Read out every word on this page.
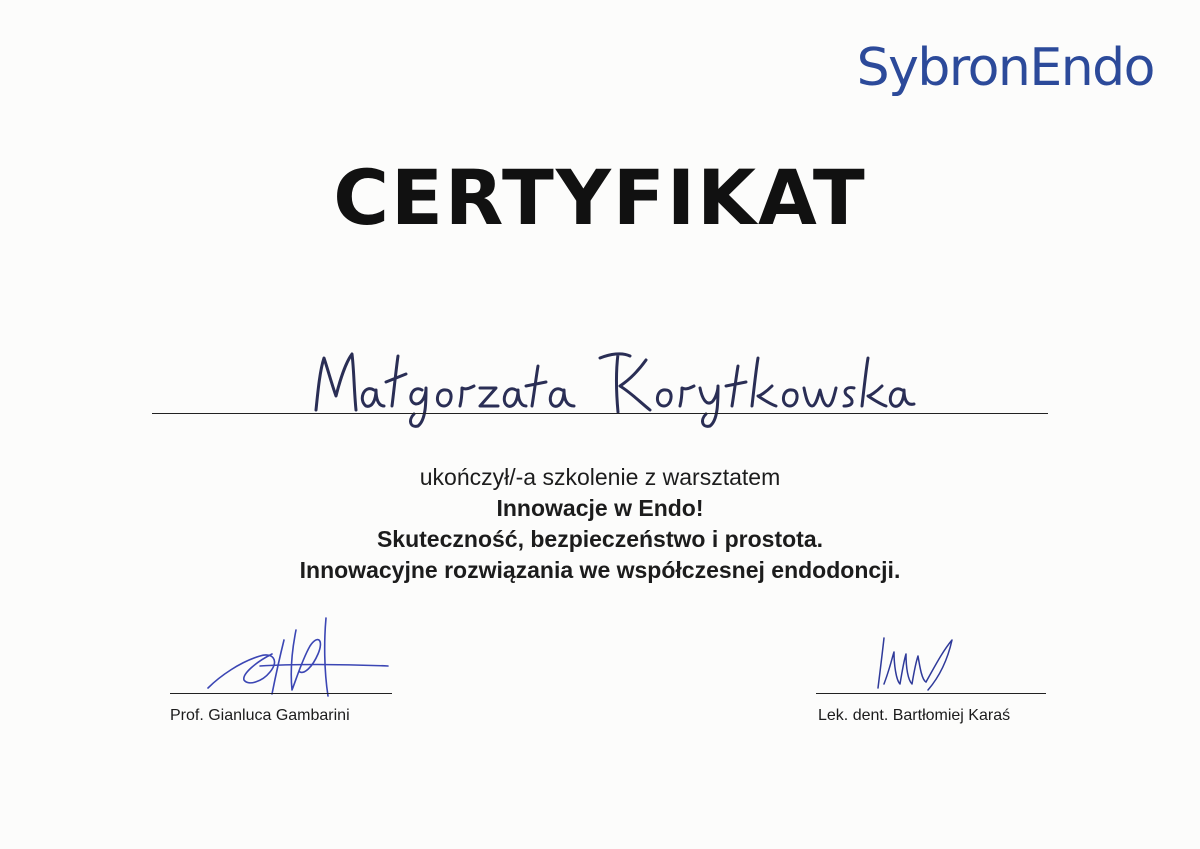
SybronEndo
CERTYFIKAT
ukończył/-a szkolenie z warsztatem
Innowacje w Endo!
Skuteczność, bezpieczeństwo i prostota.
Innowacyjne rozwiązania we współczesnej endodoncji.
Prof. Gianluca Gambarini	Lek. dent. Bartłomiej Karaś
